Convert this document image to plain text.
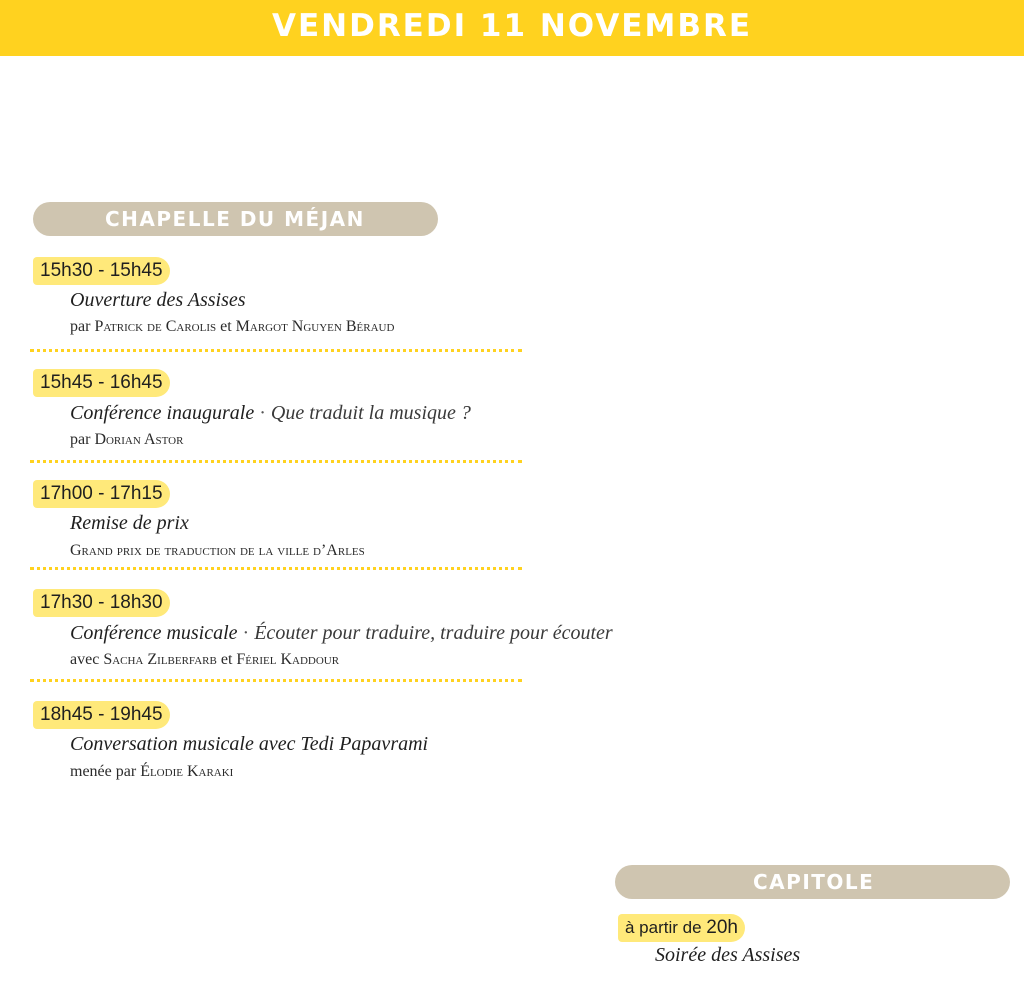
VENDREDI 11 NOVEMBRE
CHAPELLE DU MÉJAN
15h30 - 15h45
Ouverture des Assises
par Patrick de Carolis et Margot Nguyen Béraud
15h45 - 16h45
Conférence inaugurale · Que traduit la musique ?
par Dorian Astor
17h00 - 17h15
Remise de prix
Grand prix de traduction de la ville d’Arles
17h30 - 18h30
Conférence musicale · Écouter pour traduire, traduire pour écouter
avec Sacha Zilberfarb et Fériel Kaddour
18h45 - 19h45
Conversation musicale avec Tedi Papavrami
menée par Élodie Karaki
CAPITOLE
à partir de 20h
Soirée des Assises
